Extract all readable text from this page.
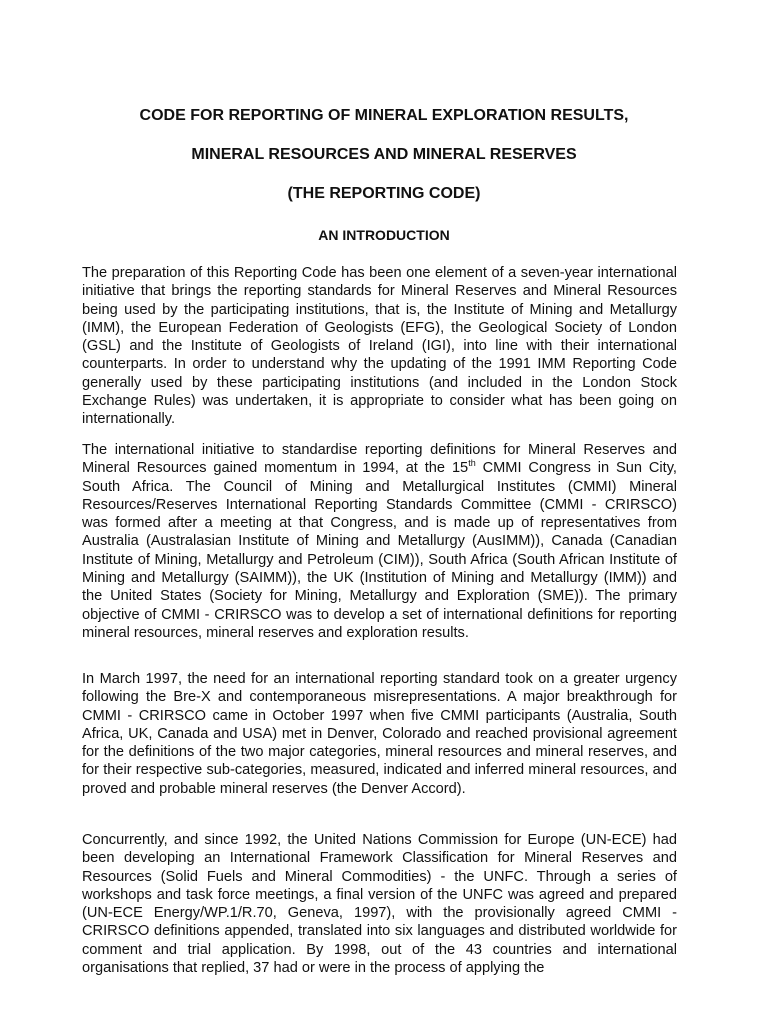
CODE FOR REPORTING OF MINERAL EXPLORATION RESULTS,
MINERAL RESOURCES AND MINERAL RESERVES
(THE REPORTING CODE)
AN INTRODUCTION

The preparation of this Reporting Code has been one element of a seven-year international initiative that brings the reporting standards for Mineral Reserves and Mineral Resources being used by the participating institutions, that is, the Institute of Mining and Metallurgy (IMM), the European Federation of Geologists (EFG), the Geological Society of London (GSL) and the Institute of Geologists of Ireland (IGI), into line with their international counterparts. In order to understand why the updating of the 1991 IMM Reporting Code generally used by these participating institutions (and included in the London Stock Exchange Rules) was undertaken, it is appropriate to consider what has been going on internationally.

The international initiative to standardise reporting definitions for Mineral Reserves and Mineral Resources gained momentum in 1994, at the 15th CMMI Congress in Sun City, South Africa. The Council of Mining and Metallurgical Institutes (CMMI) Mineral Resources/Reserves International Reporting Standards Committee (CMMI - CRIRSCO) was formed after a meeting at that Congress, and is made up of representatives from Australia (Australasian Institute of Mining and Metallurgy (AusIMM)), Canada (Canadian Institute of Mining, Metallurgy and Petroleum (CIM)), South Africa (South African Institute of Mining and Metallurgy (SAIMM)), the UK (Institution of Mining and Metallurgy (IMM)) and the United States (Society for Mining, Metallurgy and Exploration (SME)). The primary objective of CMMI - CRIRSCO was to develop a set of international definitions for reporting mineral resources, mineral reserves and exploration results.

In March 1997, the need for an international reporting standard took on a greater urgency following the Bre-X and contemporaneous misrepresentations. A major breakthrough for CMMI - CRIRSCO came in October 1997 when five CMMI participants (Australia, South Africa, UK, Canada and USA) met in Denver, Colorado and reached provisional agreement for the definitions of the two major categories, mineral resources and mineral reserves, and for their respective sub-categories, measured, indicated and inferred mineral resources, and proved and probable mineral reserves (the Denver Accord).

Concurrently, and since 1992, the United Nations Commission for Europe (UN-ECE) had been developing an International Framework Classification for Mineral Reserves and Resources (Solid Fuels and Mineral Commodities) - the UNFC. Through a series of workshops and task force meetings, a final version of the UNFC was agreed and prepared (UN-ECE Energy/WP.1/R.70, Geneva, 1997), with the provisionally agreed CMMI - CRIRSCO definitions appended, translated into six languages and distributed worldwide for comment and trial application. By 1998, out of the 43 countries and international organisations that replied, 37 had or were in the process of applying the
